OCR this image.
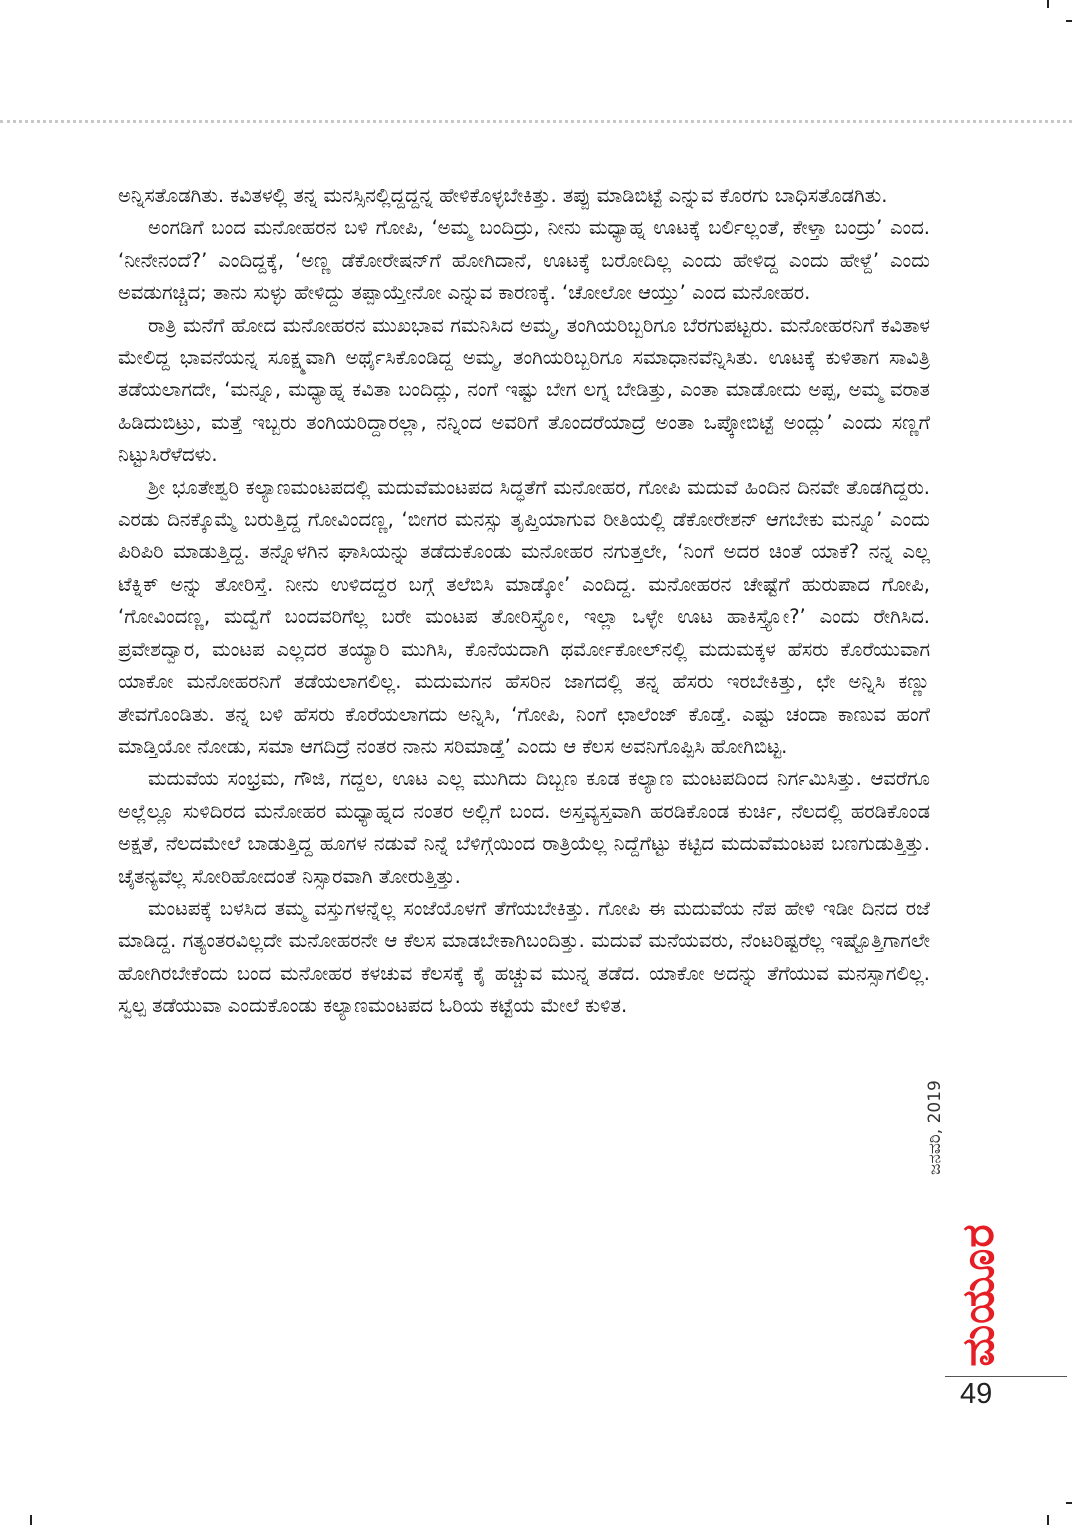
ಅನ್ನಿಸತೊಡಗಿತು. ಕವಿತಳಲ್ಲಿ ತನ್ನ ಮನಸ್ಸಿನಲ್ಲಿದ್ದದ್ದನ್ನ ಹೇಳಿಕೊಳ್ಳಬೇಕಿತ್ತು. ತಪ್ಪು ಮಾಡಿಬಿಟ್ಟೆ ಎನ್ನುವ ಕೊರಗು ಬಾಧಿಸತೊಡಗಿತು.

ಅಂಗಡಿಗೆ ಬಂದ ಮನೋಹರನ ಬಳಿ ಗೋಪಿ, ‘ಅಮ್ಮ ಬಂದಿದ್ರು, ನೀನು ಮಧ್ಯಾಹ್ನ ಊಟಕ್ಕೆ ಬರ್ಲಿಲ್ಲಂತೆ, ಕೇಳ್ತಾ ಬಂದ್ರು’ ಎಂದ. ‘ನೀನೇನಂದೆ?’ ಎಂದಿದ್ದಕ್ಕೆ, ‘ಅಣ್ಣ ಡೆಕೋರೇಷನ್‌ಗೆ ಹೋಗಿದಾನೆ, ಊಟಕ್ಕೆ ಬರೋದಿಲ್ಲ ಎಂದು ಹೇಳಿದ್ದ ಎಂದು ಹೇಳ್ದೆ’ ಎಂದು ಅವಡುಗಚ್ಚಿದ; ತಾನು ಸುಳ್ಳು ಹೇಳಿದ್ದು ತಪ್ಪಾಯ್ತೇನೋ ಎನ್ನುವ ಕಾರಣಕ್ಕೆ. ‘ಚೋಲೋ ಆಯ್ತು’ ಎಂದ ಮನೋಹರ.

ರಾತ್ರಿ ಮನೆಗೆ ಹೋದ ಮನೋಹರನ ಮುಖಭಾವ ಗಮನಿಸಿದ ಅಮ್ಮ, ತಂಗಿಯರಿಬ್ಬರಿಗೂ ಬೆರಗುಪಟ್ಟರು. ಮನೋಹರನಿಗೆ ಕವಿತಾಳ ಮೇಲಿದ್ದ ಭಾವನೆಯನ್ನ ಸೂಕ್ಷ್ಮವಾಗಿ ಅರ್ಥೈಸಿಕೊಂಡಿದ್ದ ಅಮ್ಮ, ತಂಗಿಯರಿಬ್ಬರಿಗೂ ಸಮಾಧಾನವೆನ್ನಿಸಿತು. ಊಟಕ್ಕೆ ಕುಳಿತಾಗ ಸಾವಿತ್ರಿ ತಡೆಯಲಾಗದೇ, ‘ಮನ್ನೂ, ಮಧ್ಯಾಹ್ನ ಕವಿತಾ ಬಂದಿದ್ಲು, ನಂಗೆ ಇಷ್ಟು ಬೇಗ ಲಗ್ನ ಬೇಡಿತ್ತು, ಎಂತಾ ಮಾಡೋದು ಅಪ್ಪ, ಅಮ್ಮ ವರಾತ ಹಿಡಿದುಬಿಟ್ರು, ಮತ್ತೆ ಇಬ್ಬರು ತಂಗಿಯರಿದ್ದಾರಲ್ಲಾ, ನನ್ನಿಂದ ಅವರಿಗೆ ತೊಂದರೆಯಾದ್ರೆ ಅಂತಾ ಒಪ್ಕೋಬಿಟ್ಟೆ ಅಂದ್ಲು’ ಎಂದು ಸಣ್ಣಗೆ ನಿಟ್ಟುಸಿರೆಳೆದಳು.

ಶ್ರೀ ಭೂತೇಶ್ವರಿ ಕಲ್ಯಾಣಮಂಟಪದಲ್ಲಿ ಮದುವೆಮಂಟಪದ ಸಿದ್ಧತೆಗೆ ಮನೋಹರ, ಗೋಪಿ ಮದುವೆ ಹಿಂದಿನ ದಿನವೇ ತೊಡಗಿದ್ದರು. ಎರಡು ದಿನಕ್ಕೊಮ್ಮೆ ಬರುತ್ತಿದ್ದ ಗೋವಿಂದಣ್ಣ, ‘ಬೀಗರ ಮನಸ್ಸು ತೃಪ್ತಿಯಾಗುವ ರೀತಿಯಲ್ಲಿ ಡೆಕೋರೇಶನ್ ಆಗಬೇಕು ಮನ್ನೂ’ ಎಂದು ಪಿರಿಪಿರಿ ಮಾಡುತ್ತಿದ್ದ. ತನ್ನೊಳಗಿನ ಘಾಸಿಯನ್ನು ತಡೆದುಕೊಂಡು ಮನೋಹರ ನಗುತ್ತಲೇ, ‘ನಿಂಗೆ ಅದರ ಚಿಂತೆ ಯಾಕೆ? ನನ್ನ ಎಲ್ಲ ಟೆಕ್ನಿಕ್ ಅನ್ನು ತೋರಿಸ್ತೆ. ನೀನು ಉಳಿದದ್ದರ ಬಗ್ಗೆ ತಲೆಬಿಸಿ ಮಾಡ್ಕೋ’ ಎಂದಿದ್ದ. ಮನೋಹರನ ಚೇಷ್ಟೆಗೆ ಹುರುಪಾದ ಗೋಪಿ, ‘ಗೋವಿಂದಣ್ಣ, ಮದ್ವೆಗೆ ಬಂದವರಿಗೆಲ್ಲ ಬರೇ ಮಂಟಪ ತೋರಿಸ್ತ್ಯೋ, ಇಲ್ಲಾ ಒಳ್ಳೇ ಊಟ ಹಾಕಿಸ್ತ್ಯೋ?’ ಎಂದು ರೇಗಿಸಿದ. ಪ್ರವೇಶದ್ವಾರ, ಮಂಟಪ ಎಲ್ಲದರ ತಯ್ಯಾರಿ ಮುಗಿಸಿ, ಕೊನೆಯದಾಗಿ ಥರ್ಮೋಕೋಲ್‌ನಲ್ಲಿ ಮದುಮಕ್ಕಳ ಹೆಸರು ಕೊರೆಯುವಾಗ ಯಾಕೋ ಮನೋಹರನಿಗೆ ತಡೆಯಲಾಗಲಿಲ್ಲ. ಮದುಮಗನ ಹೆಸರಿನ ಜಾಗದಲ್ಲಿ ತನ್ನ ಹೆಸರು ಇರಬೇಕಿತ್ತು, ಛೇ ಅನ್ನಿಸಿ ಕಣ್ಣು ತೇವಗೊಂಡಿತು. ತನ್ನ ಬಳಿ ಹೆಸರು ಕೊರೆಯಲಾಗದು ಅನ್ನಿಸಿ, ‘ಗೋಪಿ, ನಿಂಗೆ ಛಾಲೆಂಜ್ ಕೊಡ್ತೆ. ಎಷ್ಟು ಚಂದಾ ಕಾಣುವ ಹಂಗೆ ಮಾಡ್ತಿಯೋ ನೋಡು, ಸಮಾ ಆಗದಿದ್ರೆ ನಂತರ ನಾನು ಸರಿಮಾಡ್ತೆ’ ಎಂದು ಆ ಕೆಲಸ ಅವನಿಗೊಪ್ಪಿಸಿ ಹೋಗಿಬಿಟ್ಟ.

ಮದುವೆಯ ಸಂಭ್ರಮ, ಗೌಜಿ, ಗದ್ದಲ, ಊಟ ಎಲ್ಲ ಮುಗಿದು ದಿಬ್ಬಣ ಕೂಡ ಕಲ್ಯಾಣ ಮಂಟಪದಿಂದ ನಿರ್ಗಮಿಸಿತ್ತು. ಆವರೆಗೂ ಅಲ್ಲೆಲ್ಲೂ ಸುಳಿದಿರದ ಮನೋಹರ ಮಧ್ಯಾಹ್ನದ ನಂತರ ಅಲ್ಲಿಗೆ ಬಂದ. ಅಸ್ತವ್ಯಸ್ತವಾಗಿ ಹರಡಿಕೊಂಡ ಕುರ್ಚಿ, ನೆಲದಲ್ಲಿ ಹರಡಿಕೊಂಡ ಅಕ್ಷತೆ, ನೆಲದಮೇಲೆ ಬಾಡುತ್ತಿದ್ದ ಹೂಗಳ ನಡುವೆ ನಿನ್ನೆ ಬೆಳಿಗ್ಗೆಯಿಂದ ರಾತ್ರಿಯೆಲ್ಲ ನಿದ್ದೆಗೆಟ್ಟು ಕಟ್ಟಿದ ಮದುವೆಮಂಟಪ ಬಣಗುಡುತ್ತಿತ್ತು. ಚೈತನ್ಯವೆಲ್ಲ ಸೋರಿಹೋದಂತೆ ನಿಸ್ಸಾರವಾಗಿ ತೋರುತ್ತಿತ್ತು.

ಮಂಟಪಕ್ಕೆ ಬಳಸಿದ ತಮ್ಮ ವಸ್ತುಗಳನ್ನೆಲ್ಲ ಸಂಜೆಯೊಳಗೆ ತೆಗೆಯಬೇಕಿತ್ತು. ಗೋಪಿ ಈ ಮದುವೆಯ ನೆಪ ಹೇಳಿ ಇಡೀ ದಿನದ ರಜೆ ಮಾಡಿದ್ದ. ಗತ್ಯಂತರವಿಲ್ಲದೇ ಮನೋಹರನೇ ಆ ಕೆಲಸ ಮಾಡಬೇಕಾಗಿಬಂದಿತ್ತು. ಮದುವೆ ಮನೆಯವರು, ನೆಂಟರಿಷ್ಟರೆಲ್ಲ ಇಷ್ಟೊತ್ತಿಗಾಗಲೇ ಹೋಗಿರಬೇಕೆಂದು ಬಂದ ಮನೋಹರ ಕಳಚುವ ಕೆಲಸಕ್ಕೆ ಕೈ ಹಚ್ಚುವ ಮುನ್ನ ತಡೆದ. ಯಾಕೋ ಅದನ್ನು ತೆಗೆಯುವ ಮನಸ್ಸಾಗಲಿಲ್ಲ. ಸ್ವಲ್ಪ ತಡೆಯುವಾ ಎಂದುಕೊಂಡು ಕಲ್ಯಾಣಮಂಟಪದ ಓರಿಯ ಕಟ್ಟೆಯ ಮೇಲೆ ಕುಳಿತ.

ಜನವರಿ, 2019
ಮಯೂರ
49
